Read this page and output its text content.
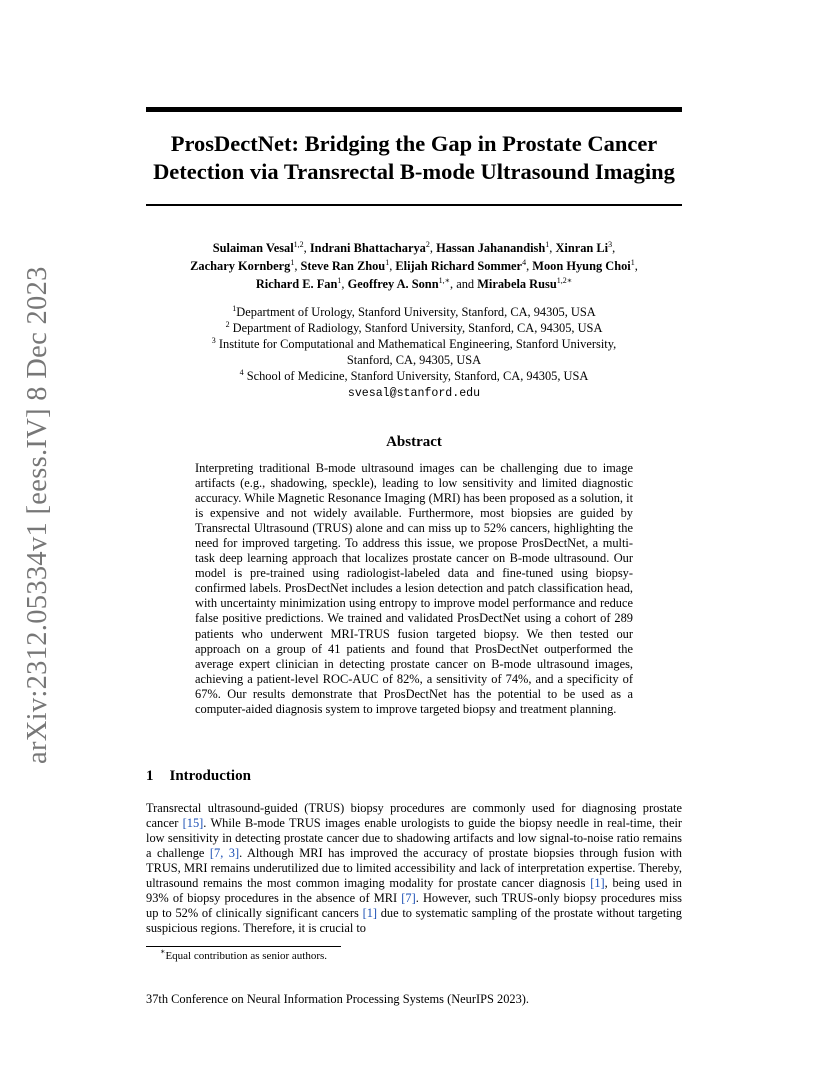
arXiv:2312.05334v1 [eess.IV] 8 Dec 2023
ProsDectNet: Bridging the Gap in Prostate Cancer
Detection via Transrectal B-mode Ultrasound Imaging
Sulaiman Vesal$^{1,2}$, Indrani Bhattacharya$^2$, Hassan Jahanandish$^1$, Xinran Li$^3$,
Zachary Kornberg$^1$, Steve Ran Zhou$^1$, Elijah Richard Sommer$^4$, Moon Hyung Choi$^1$,
Richard E. Fan$^1$, Geoffrey A. Sonn$^{1,∗}$, and Mirabela Rusu$^{1,2∗}$
$^1$Department of Urology, Stanford University, Stanford, CA, 94305, USA
$^2$ Department of Radiology, Stanford University, Stanford, CA, 94305, USA
$^3$ Institute for Computational and Mathematical Engineering, Stanford University,
Stanford, CA, 94305, USA
$^4$ School of Medicine, Stanford University, Stanford, CA, 94305, USA
svesal@stanford.edu
Abstract

Interpreting traditional B-mode ultrasound images can be challenging due to image artifacts (e.g., shadowing, speckle), leading to low sensitivity and limited diagnostic accuracy. While Magnetic Resonance Imaging (MRI) has been proposed as a solution, it is expensive and not widely available. Furthermore, most biopsies are guided by Transrectal Ultrasound (TRUS) alone and can miss up to 52% cancers, highlighting the need for improved targeting. To address this issue, we propose ProsDectNet, a multi-task deep learning approach that localizes prostate cancer on B-mode ultrasound. Our model is pre-trained using radiologist-labeled data and fine-tuned using biopsy-confirmed labels. ProsDectNet includes a lesion detection and patch classification head, with uncertainty minimization using entropy to improve model performance and reduce false positive predictions. We trained and validated ProsDectNet using a cohort of 289 patients who underwent MRI-TRUS fusion targeted biopsy. We then tested our approach on a group of 41 patients and found that ProsDectNet outperformed the average expert clinician in detecting prostate cancer on B-mode ultrasound images, achieving a patient-level ROC-AUC of 82%, a sensitivity of 74%, and a specificity of 67%. Our results demonstrate that ProsDectNet has the potential to be used as a computer-aided diagnosis system to improve targeted biopsy and treatment planning.

1 Introduction

Transrectal ultrasound-guided (TRUS) biopsy procedures are commonly used for diagnosing prostate cancer [15]. While B-mode TRUS images enable urologists to guide the biopsy needle in real-time, their low sensitivity in detecting prostate cancer due to shadowing artifacts and low signal-to-noise ratio remains a challenge [7, 3]. Although MRI has improved the accuracy of prostate biopsies through fusion with TRUS, MRI remains underutilized due to limited accessibility and lack of interpretation expertise. Thereby, ultrasound remains the most common imaging modality for prostate cancer diagnosis [1], being used in 93% of biopsy procedures in the absence of MRI [7]. However, such TRUS-only biopsy procedures miss up to 52% of clinically significant cancers [1] due to systematic sampling of the prostate without targeting suspicious regions. Therefore, it is crucial to

∗Equal contribution as senior authors.
37th Conference on Neural Information Processing Systems (NeurIPS 2023).
